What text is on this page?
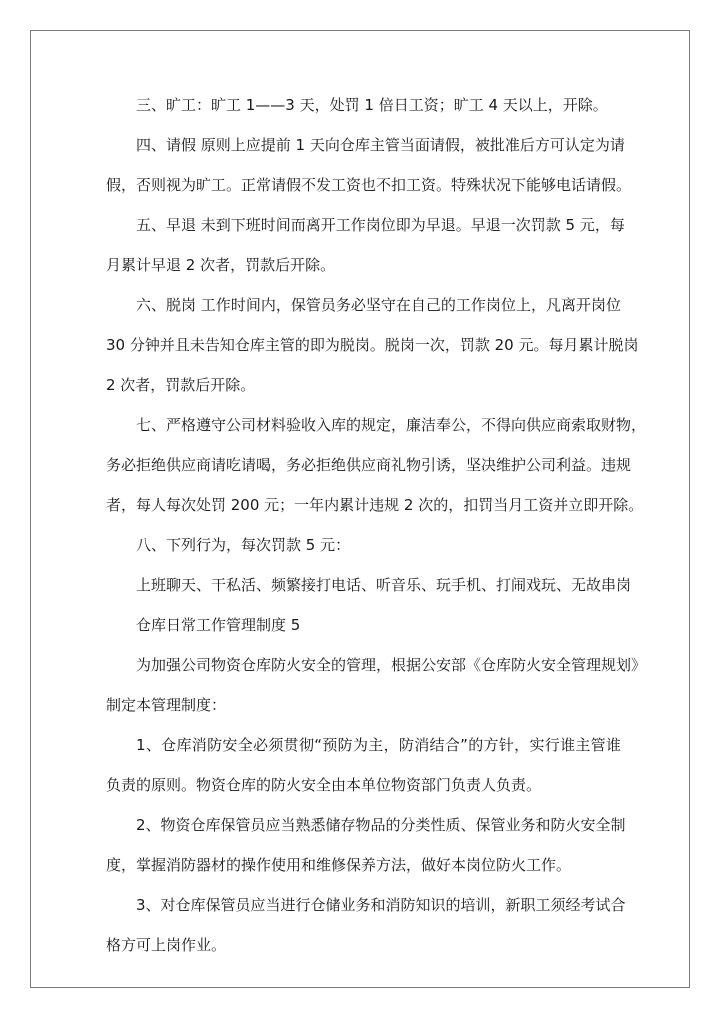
三、旷工：旷工 1——3 天，处罚 1 倍日工资；旷工 4 天以上，开除。
四、请假 原则上应提前 1 天向仓库主管当面请假，被批准后方可认定为请
假，否则视为旷工。正常请假不发工资也不扣工资。特殊状况下能够电话请假。
五、早退 未到下班时间而离开工作岗位即为早退。早退一次罚款 5 元，每
月累计早退 2 次者，罚款后开除。
六、脱岗 工作时间内，保管员务必坚守在自己的工作岗位上，凡离开岗位
30 分钟并且未告知仓库主管的即为脱岗。脱岗一次，罚款 20 元。每月累计脱岗
2 次者，罚款后开除。
七、严格遵守公司材料验收入库的规定，廉洁奉公，不得向供应商索取财物，
务必拒绝供应商请吃请喝，务必拒绝供应商礼物引诱，坚决维护公司利益。违规
者，每人每次处罚 200 元；一年内累计违规 2 次的，扣罚当月工资并立即开除。
八、下列行为，每次罚款 5 元：
上班聊天、干私活、频繁接打电话、听音乐、玩手机、打闹戏玩、无故串岗
仓库日常工作管理制度 5
为加强公司物资仓库防火安全的管理，根据公安部《仓库防火安全管理规划》
制定本管理制度：
1、仓库消防安全必须贯彻“预防为主，防消结合”的方针，实行谁主管谁
负责的原则。物资仓库的防火安全由本单位物资部门负责人负责。
2、物资仓库保管员应当熟悉储存物品的分类性质、保管业务和防火安全制
度，掌握消防器材的操作使用和维修保养方法，做好本岗位防火工作。
3、对仓库保管员应当进行仓储业务和消防知识的培训，新职工须经考试合
格方可上岗作业。
